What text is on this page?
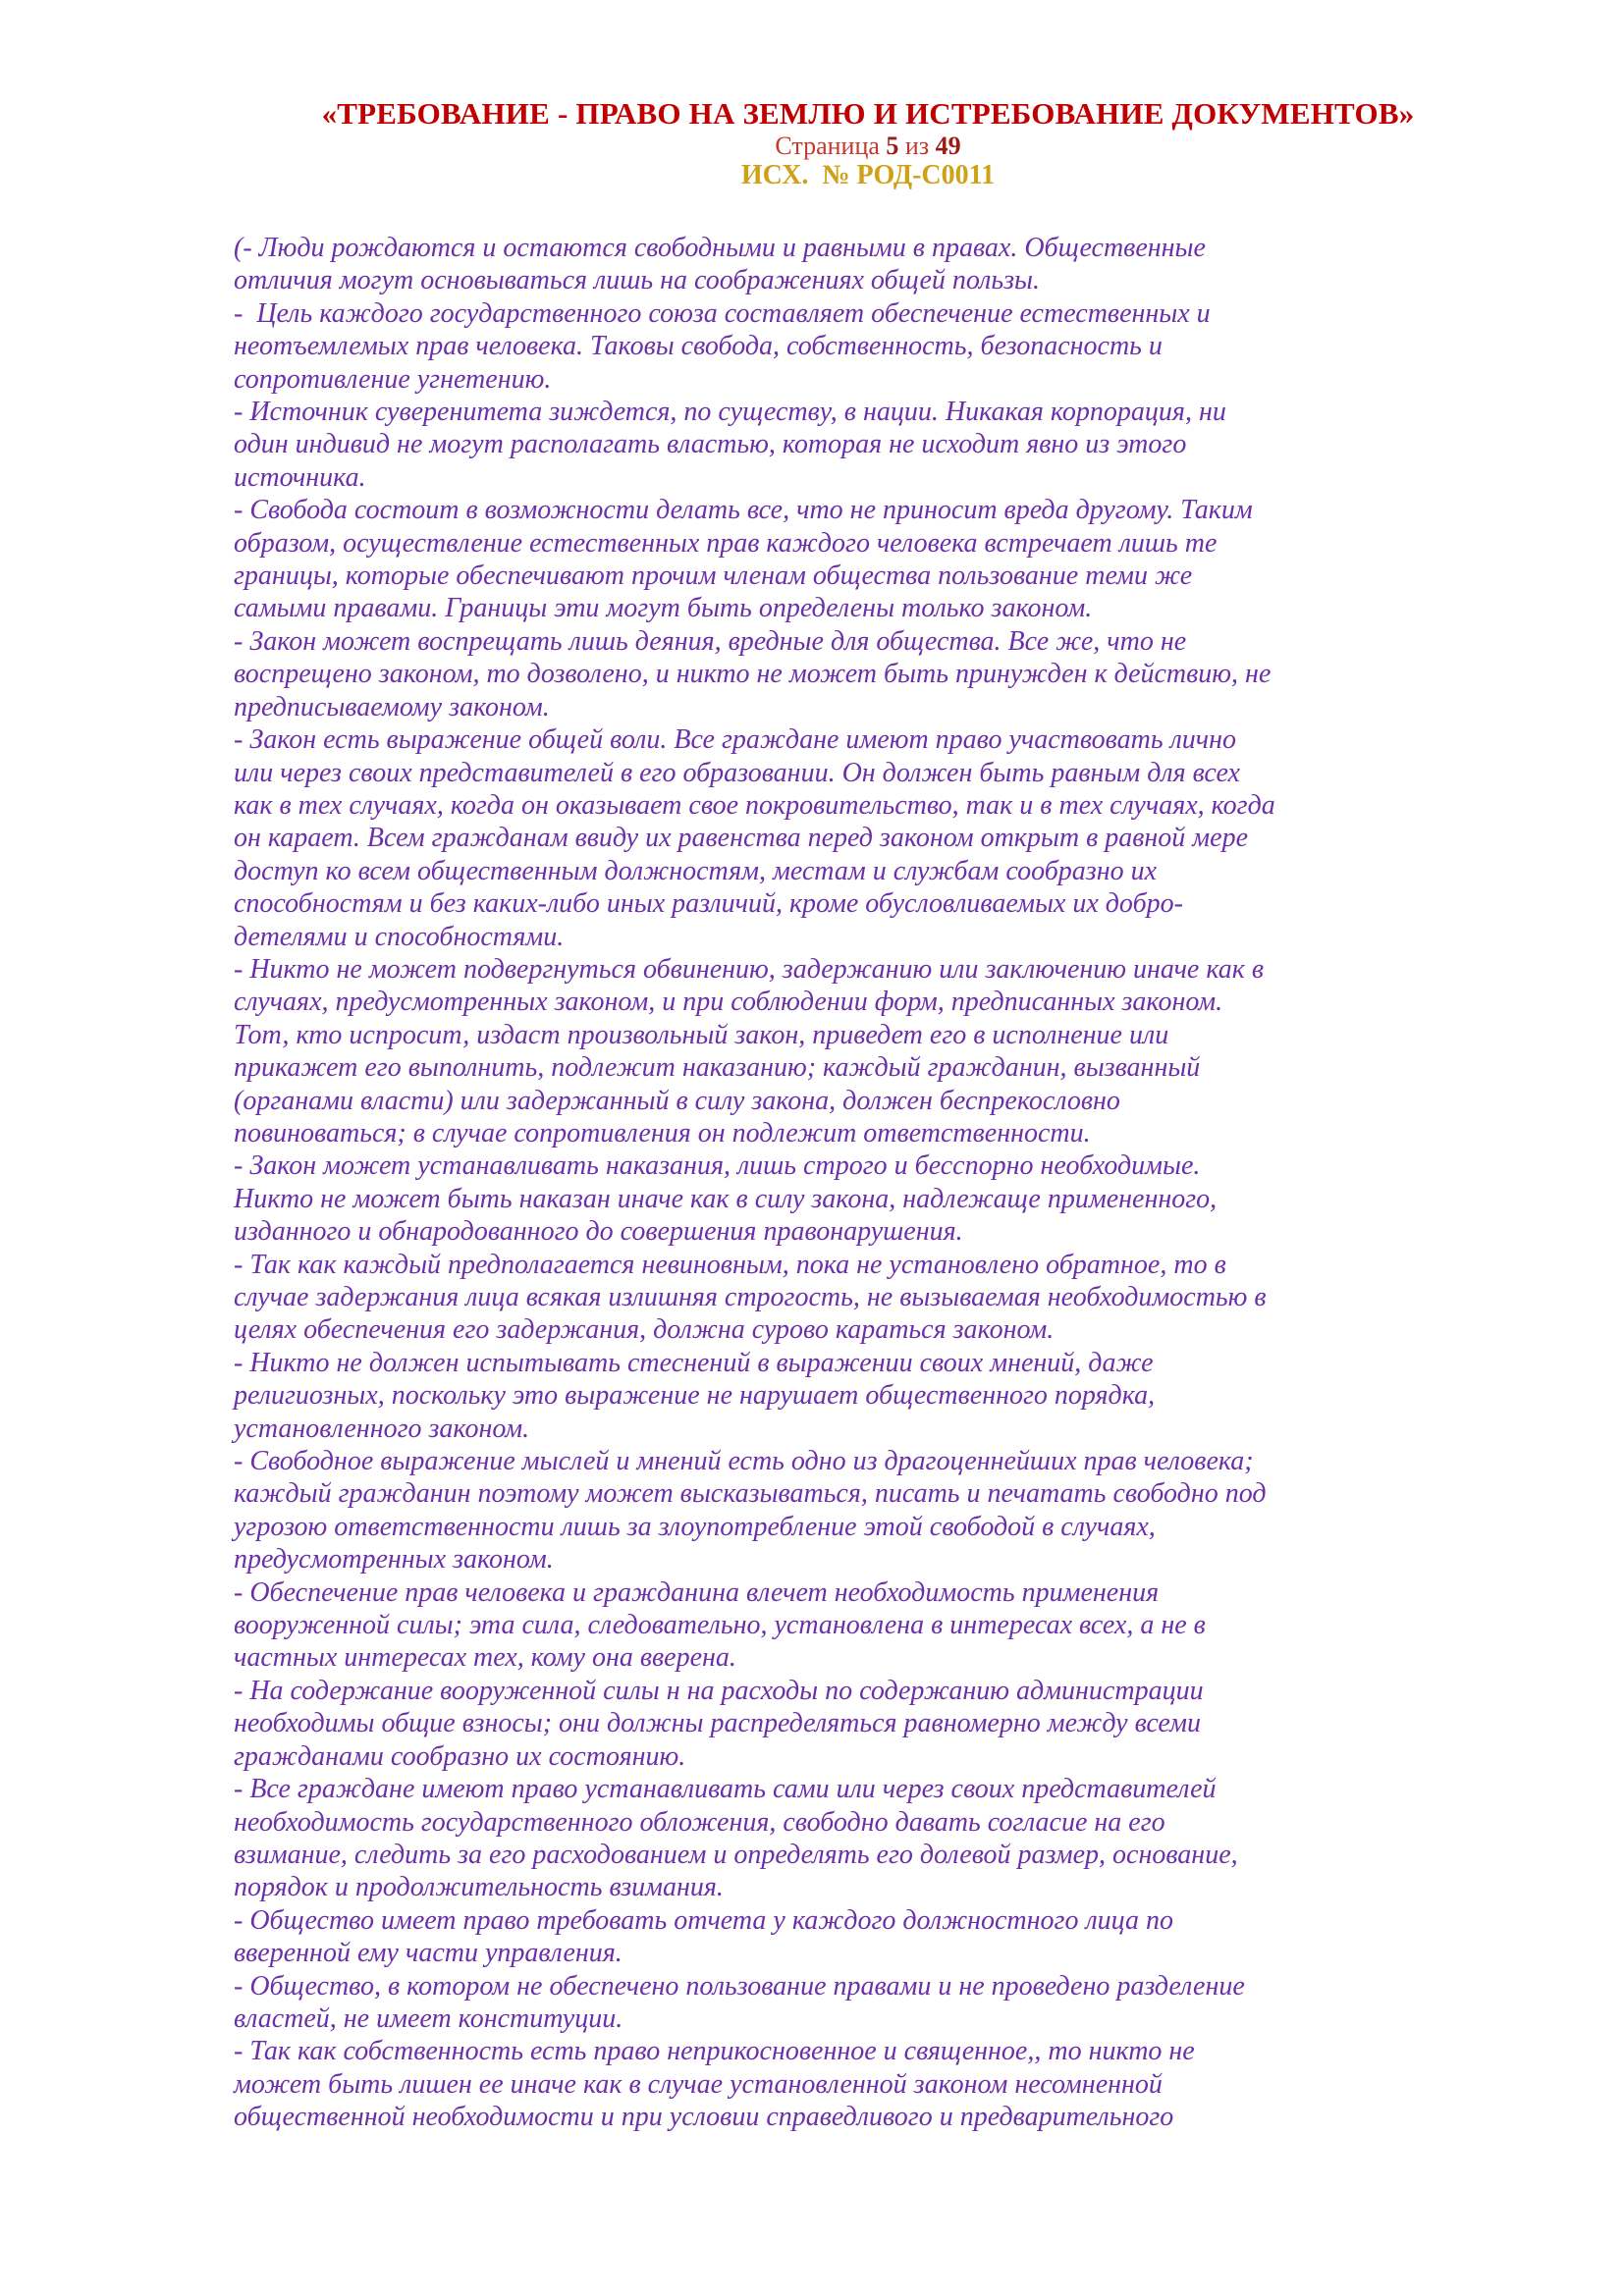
«ТРЕБОВАНИЕ - ПРАВО НА ЗЕМЛЮ И ИСТРЕБОВАНИЕ ДОКУМЕНТОВ»
Страница 5 из 49
ИСХ.  № РОД-С0011
(- Люди рождаются и остаются свободными и равными в правах. Общественные
отличия могут основываться лишь на соображениях общей пользы.
-  Цель каждого государственного союза составляет обеспечение естественных и
неотъемлемых прав человека. Таковы свобода, собственность, безопасность и
сопротивление угнетению.
- Источник суверенитета зиждется, по существу, в нации. Никакая корпорация, ни
один индивид не могут располагать властью, которая не исходит явно из этого
источника.
- Свобода состоит в возможности делать все, что не приносит вреда другому. Таким
образом, осуществление естественных прав каждого человека встречает лишь те
границы, которые обеспечивают прочим членам общества пользование теми же
самыми правами. Границы эти могут быть определены только законом.
- Закон может воспрещать лишь деяния, вредные для общества. Все же, что не
воспрещено законом, то дозволено, и никто не может быть принужден к действию, не
предписываемому законом.
- Закон есть выражение общей воли. Все граждане имеют право участвовать лично
или через своих представителей в его образовании. Он должен быть равным для всех
как в тех случаях, когда он оказывает свое покровительство, так и в тех случаях, когда
он карает. Всем гражданам ввиду их равенства перед законом открыт в равной мере
доступ ко всем общественным должностям, местам и службам сообразно их
способностям и без каких-либо иных различий, кроме обусловливаемых их добро-
детелями и способностями.
- Никто не может подвергнуться обвинению, задержанию или заключению иначе как в
случаях, предусмотренных законом, и при соблюдении форм, предписанных законом.
Тот, кто испросит, издаст произвольный закон, приведет его в исполнение или
прикажет его выполнить, подлежит наказанию; каждый гражданин, вызванный
(органами власти) или задержанный в силу закона, должен беспрекословно
повиноваться; в случае сопротивления он подлежит ответственности.
- Закон может устанавливать наказания, лишь строго и бесспорно необходимые.
Никто не может быть наказан иначе как в силу закона, надлежаще примененного,
изданного и обнародованного до совершения правонарушения.
- Так как каждый предполагается невиновным, пока не установлено обратное, то в
случае задержания лица всякая излишняя строгость, не вызываемая необходимостью в
целях обеспечения его задержания, должна сурово караться законом.
- Никто не должен испытывать стеснений в выражении своих мнений, даже
религиозных, поскольку это выражение не нарушает общественного порядка,
установленного законом.
- Свободное выражение мыслей и мнений есть одно из драгоценнейших прав человека;
каждый гражданин поэтому может высказываться, писать и печатать свободно под
угрозою ответственности лишь за злоупотребление этой свободой в случаях,
предусмотренных законом.
- Обеспечение прав человека и гражданина влечет необходимость применения
вооруженной силы; эта сила, следовательно, установлена в интересах всех, а не в
частных интересах тех, кому она вверена.
- На содержание вооруженной силы н на расходы по содержанию администрации
необходимы общие взносы; они должны распределяться равномерно между всеми
гражданами сообразно их состоянию.
- Все граждане имеют право устанавливать сами или через своих представителей
необходимость государственного обложения, свободно давать согласие на его
взимание, следить за его расходованием и определять его долевой размер, основание,
порядок и продолжительность взимания.
- Общество имеет право требовать отчета у каждого должностного лица по
вверенной ему части управления.
- Общество, в котором не обеспечено пользование правами и не проведено разделение
властей, не имеет конституции.
- Так как собственность есть право неприкосновенное и священное,, то никто не
может быть лишен ее иначе как в случае установленной законом несомненной
общественной необходимости и при условии справедливого и предварительного
